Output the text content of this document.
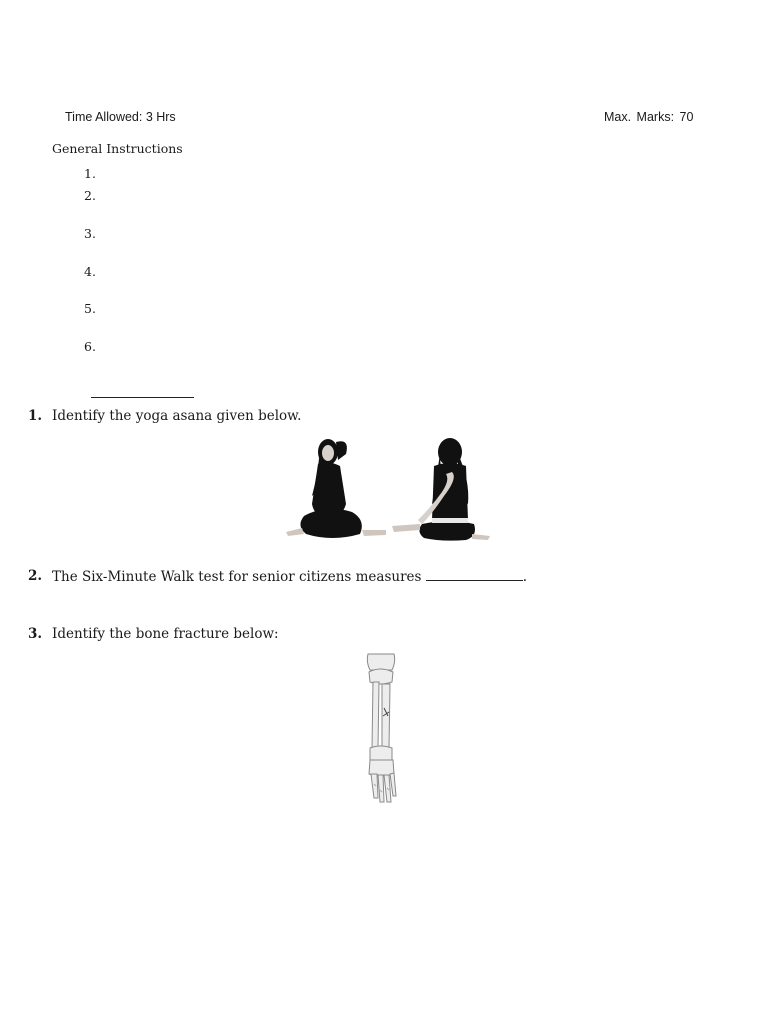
Time Allowed: 3 Hrs	Max. Marks: 70
General Instructions
1.
2.
3.
4.
5.
6.
1. Identify the yoga asana given below.
2. The Six-Minute Walk test for senior citizens measures	.
3. Identify the bone fracture below:
